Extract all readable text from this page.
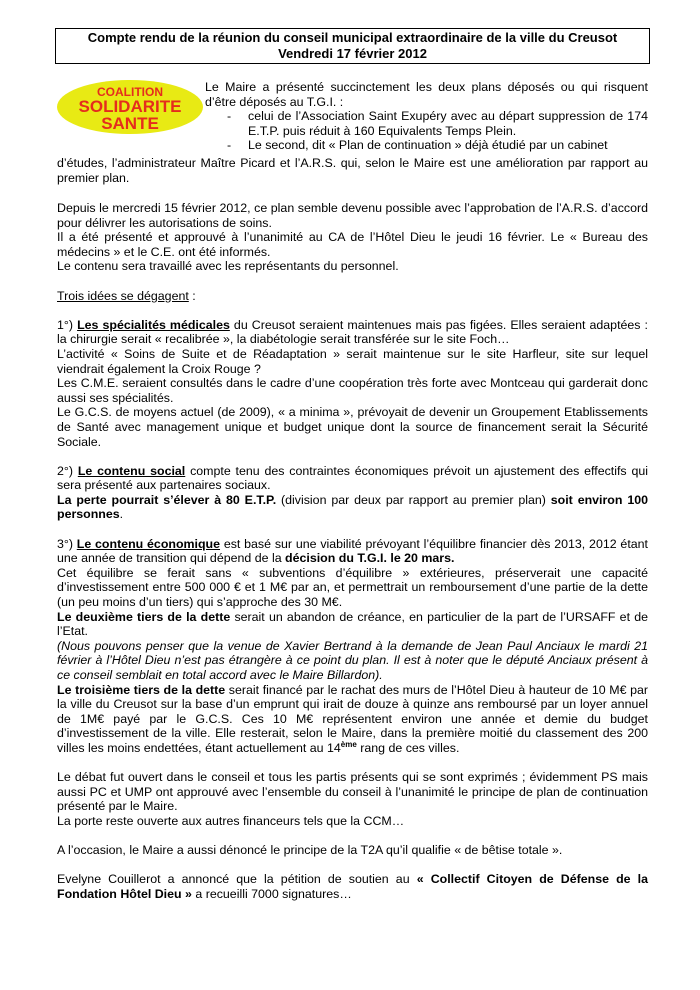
Compte rendu de la réunion du conseil municipal extraordinaire de la ville du Creusot
Vendredi 17 février 2012
COALITION
SOLIDARITE
SANTE
Le Maire a présenté succinctement les deux plans déposés ou qui risquent d’être déposés au T.G.I. :
- celui de l’Association Saint Exupéry avec au départ suppression de 174 E.T.P. puis réduit à 160 Equivalents Temps Plein.
- Le second, dit « Plan de continuation » déjà étudié par un cabinet
d’études, l’administrateur Maître Picard et l’A.R.S. qui, selon le Maire est une amélioration par rapport au premier plan.

Depuis le mercredi 15 février 2012, ce plan semble devenu possible avec l’approbation de l’A.R.S. d’accord pour délivrer les autorisations de soins.

Il a été présenté et approuvé à l’unanimité au CA de l’Hôtel Dieu le jeudi 16 février. Le « Bureau des médecins » et le C.E. ont été informés.

Le contenu sera travaillé avec les représentants du personnel.

Trois idées se dégagent :

1°) Les spécialités médicales du Creusot seraient maintenues mais pas figées. Elles seraient adaptées : la chirurgie serait « recalibrée », la diabétologie serait transférée sur le site Foch…

L’activité « Soins de Suite et de Réadaptation » serait maintenue sur le site Harfleur, site sur lequel viendrait également la Croix Rouge ?

Les C.M.E. seraient consultés dans le cadre d’une coopération très forte avec Montceau qui garderait donc aussi ses spécialités.

Le G.C.S. de moyens actuel (de 2009), « a minima », prévoyait de devenir un Groupement Etablissements de Santé avec management unique et budget unique dont la source de financement serait la Sécurité Sociale.

2°) Le contenu social compte tenu des contraintes économiques prévoit un ajustement des effectifs qui sera présenté aux partenaires sociaux.

La perte pourrait s’élever à 80 E.T.P. (division par deux par rapport au premier plan) soit environ 100 personnes.

3°) Le contenu économique est basé sur une viabilité prévoyant l’équilibre financier dès 2013, 2012 étant une année de transition qui dépend de la décision du T.G.I. le 20 mars.

Cet équilibre se ferait sans « subventions d’équilibre » extérieures, préserverait une capacité d’investissement entre 500 000 € et 1 M€ par an, et permettrait un remboursement d’une partie de la dette (un peu moins d’un tiers) qui s’approche des 30 M€.

Le deuxième tiers de la dette serait un abandon de créance, en particulier de la part de l’URSAFF et de l’Etat.

(Nous pouvons penser que la venue de Xavier Bertrand à la demande de Jean Paul Anciaux le mardi 21 février à l’Hôtel Dieu n’est pas étrangère à ce point du plan. Il est à noter que le député Anciaux présent à ce conseil semblait en total accord avec le Maire Billardon).

Le troisième tiers de la dette serait financé par le rachat des murs de l’Hôtel Dieu à hauteur de 10 M€ par la ville du Creusot sur la base d’un emprunt qui irait de douze à quinze ans remboursé par un loyer annuel de 1M€ payé par le G.C.S. Ces 10 M€ représentent environ une année et demie du budget d’investissement de la ville. Elle resterait, selon le Maire, dans la première moitié du classement des 200 villes les moins endettées, étant actuellement au 14ème rang de ces villes.

Le débat fut ouvert dans le conseil et tous les partis présents qui se sont exprimés ; évidemment PS mais aussi PC et UMP ont approuvé avec l’ensemble du conseil à l’unanimité le principe de plan de continuation présenté par le Maire.

La porte reste ouverte aux autres financeurs tels que la CCM…

A l’occasion, le Maire a aussi dénoncé le principe de la T2A qu’il qualifie « de bêtise totale ».

Evelyne Couillerot a annoncé que la pétition de soutien au « Collectif Citoyen de Défense de la Fondation Hôtel Dieu » a recueilli 7000 signatures…
